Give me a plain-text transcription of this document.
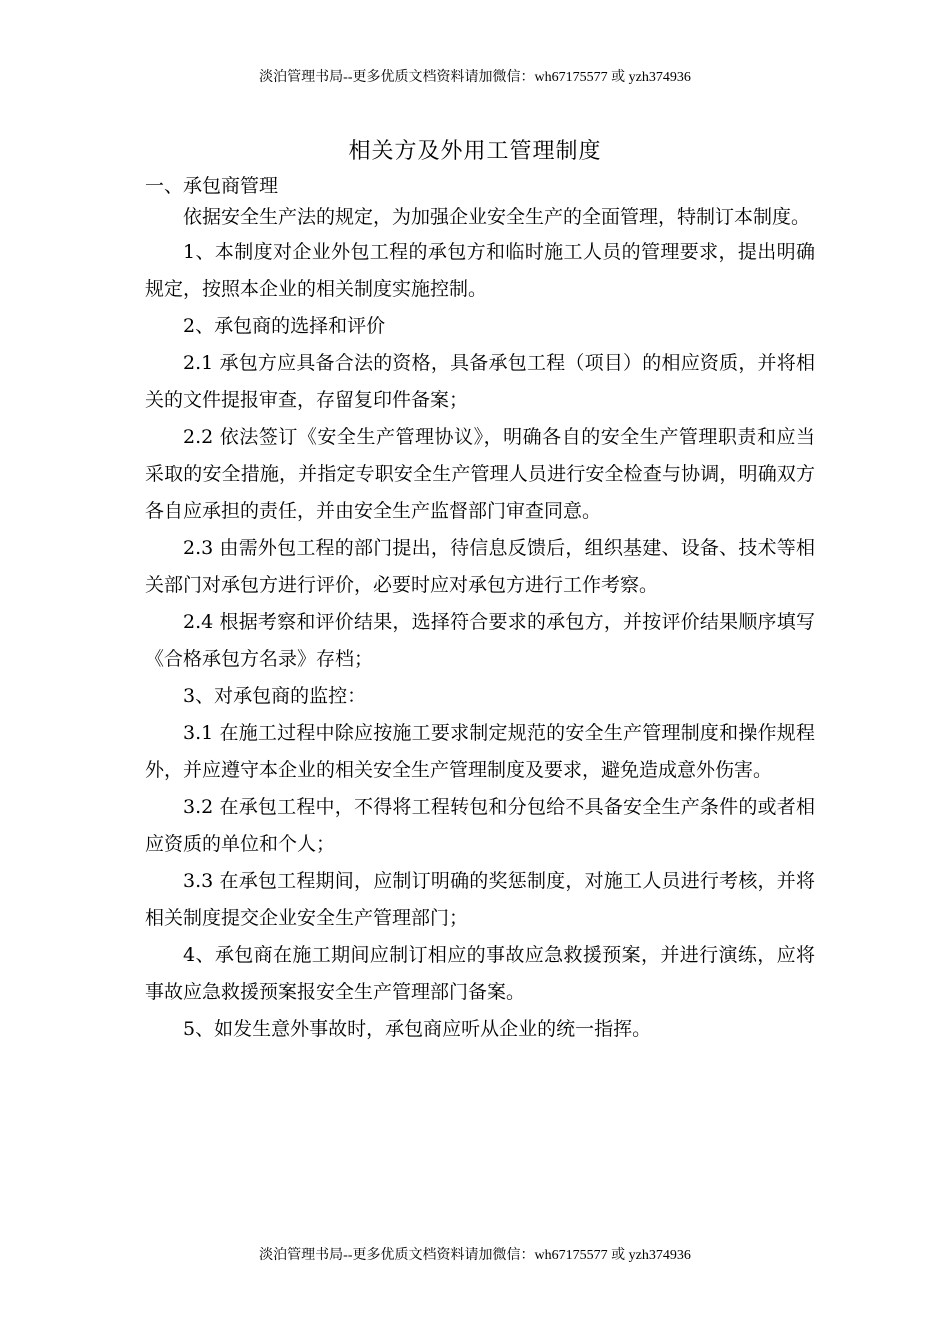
淡泊管理书局--更多优质文档资料请加微信：wh67175577 或 yzh374936
相关方及外用工管理制度
一、承包商管理

依据安全生产法的规定，为加强企业安全生产的全面管理，特制订本制度。

1、本制度对企业外包工程的承包方和临时施工人员的管理要求，提出明确规定，按照本企业的相关制度实施控制。

2、承包商的选择和评价

2.1 承包方应具备合法的资格，具备承包工程（项目）的相应资质，并将相关的文件提报审查，存留复印件备案；

2.2 依法签订《安全生产管理协议》，明确各自的安全生产管理职责和应当采取的安全措施，并指定专职安全生产管理人员进行安全检查与协调，明确双方各自应承担的责任，并由安全生产监督部门审查同意。

2.3 由需外包工程的部门提出，待信息反馈后，组织基建、设备、技术等相关部门对承包方进行评价，必要时应对承包方进行工作考察。

2.4 根据考察和评价结果，选择符合要求的承包方，并按评价结果顺序填写《合格承包方名录》存档；

3、对承包商的监控：

3.1 在施工过程中除应按施工要求制定规范的安全生产管理制度和操作规程外，并应遵守本企业的相关安全生产管理制度及要求，避免造成意外伤害。

3.2 在承包工程中，不得将工程转包和分包给不具备安全生产条件的或者相应资质的单位和个人；

3.3 在承包工程期间，应制订明确的奖惩制度，对施工人员进行考核，并将相关制度提交企业安全生产管理部门；

4、承包商在施工期间应制订相应的事故应急救援预案，并进行演练，应将事故应急救援预案报安全生产管理部门备案。

5、如发生意外事故时，承包商应听从企业的统一指挥。

淡泊管理书局--更多优质文档资料请加微信：wh67175577 或 yzh374936
